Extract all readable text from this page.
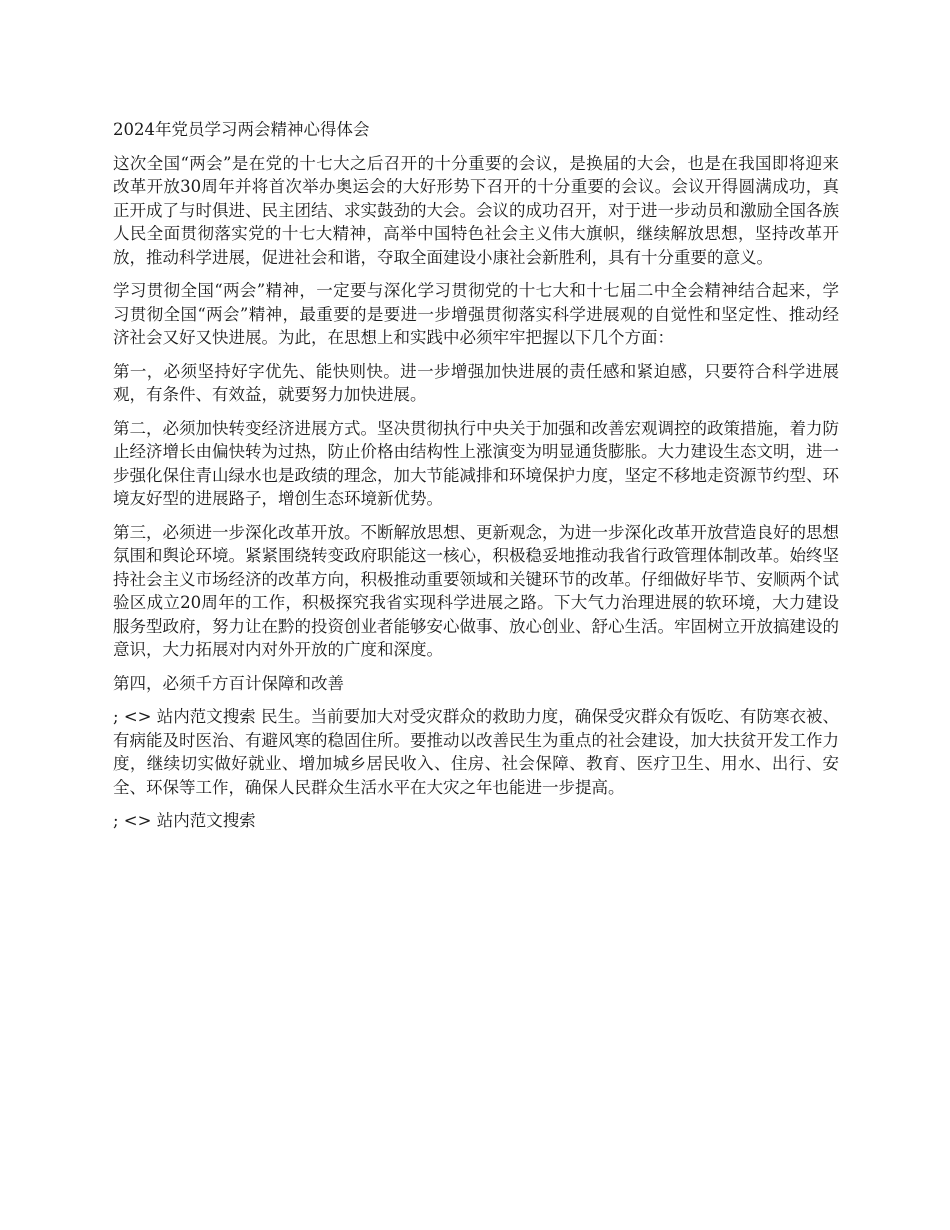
2024年党员学习两会精神心得体会

这次全国“两会”是在党的十七大之后召开的十分重要的会议，是换届的大会，也是在我国即将迎来改革开放30周年并将首次举办奥运会的大好形势下召开的十分重要的会议。会议开得圆满成功，真正开成了与时俱进、民主团结、求实鼓劲的大会。会议的成功召开，对于进一步动员和激励全国各族人民全面贯彻落实党的十七大精神，高举中国特色社会主义伟大旗帜，继续解放思想，坚持改革开放，推动科学进展，促进社会和谐，夺取全面建设小康社会新胜利，具有十分重要的意义。

学习贯彻全国“两会”精神，一定要与深化学习贯彻党的十七大和十七届二中全会精神结合起来，学习贯彻全国“两会”精神，最重要的是要进一步增强贯彻落实科学进展观的自觉性和坚定性、推动经济社会又好又快进展。为此，在思想上和实践中必须牢牢把握以下几个方面：

第一，必须坚持好字优先、能快则快。进一步增强加快进展的责任感和紧迫感，只要符合科学进展观，有条件、有效益，就要努力加快进展。

第二，必须加快转变经济进展方式。坚决贯彻执行中央关于加强和改善宏观调控的政策措施，着力防止经济增长由偏快转为过热，防止价格由结构性上涨演变为明显通货膨胀。大力建设生态文明，进一步强化保住青山绿水也是政绩的理念，加大节能减排和环境保护力度，坚定不移地走资源节约型、环境友好型的进展路子，增创生态环境新优势。

第三，必须进一步深化改革开放。不断解放思想、更新观念，为进一步深化改革开放营造良好的思想氛围和舆论环境。紧紧围绕转变政府职能这一核心，积极稳妥地推动我省行政管理体制改革。始终坚持社会主义市场经济的改革方向，积极推动重要领域和关键环节的改革。仔细做好毕节、安顺两个试验区成立20周年的工作，积极探究我省实现科学进展之路。下大气力治理进展的软环境，大力建设服务型政府，努力让在黔的投资创业者能够安心做事、放心创业、舒心生活。牢固树立开放搞建设的意识，大力拓展对内对外开放的广度和深度。

第四，必须千方百计保障和改善

; <> 站内范文搜索 民生。当前要加大对受灾群众的救助力度，确保受灾群众有饭吃、有防寒衣被、有病能及时医治、有避风寒的稳固住所。要推动以改善民生为重点的社会建设，加大扶贫开发工作力度，继续切实做好就业、增加城乡居民收入、住房、社会保障、教育、医疗卫生、用水、出行、安全、环保等工作，确保人民群众生活水平在大灾之年也能进一步提高。

; <> 站内范文搜索
